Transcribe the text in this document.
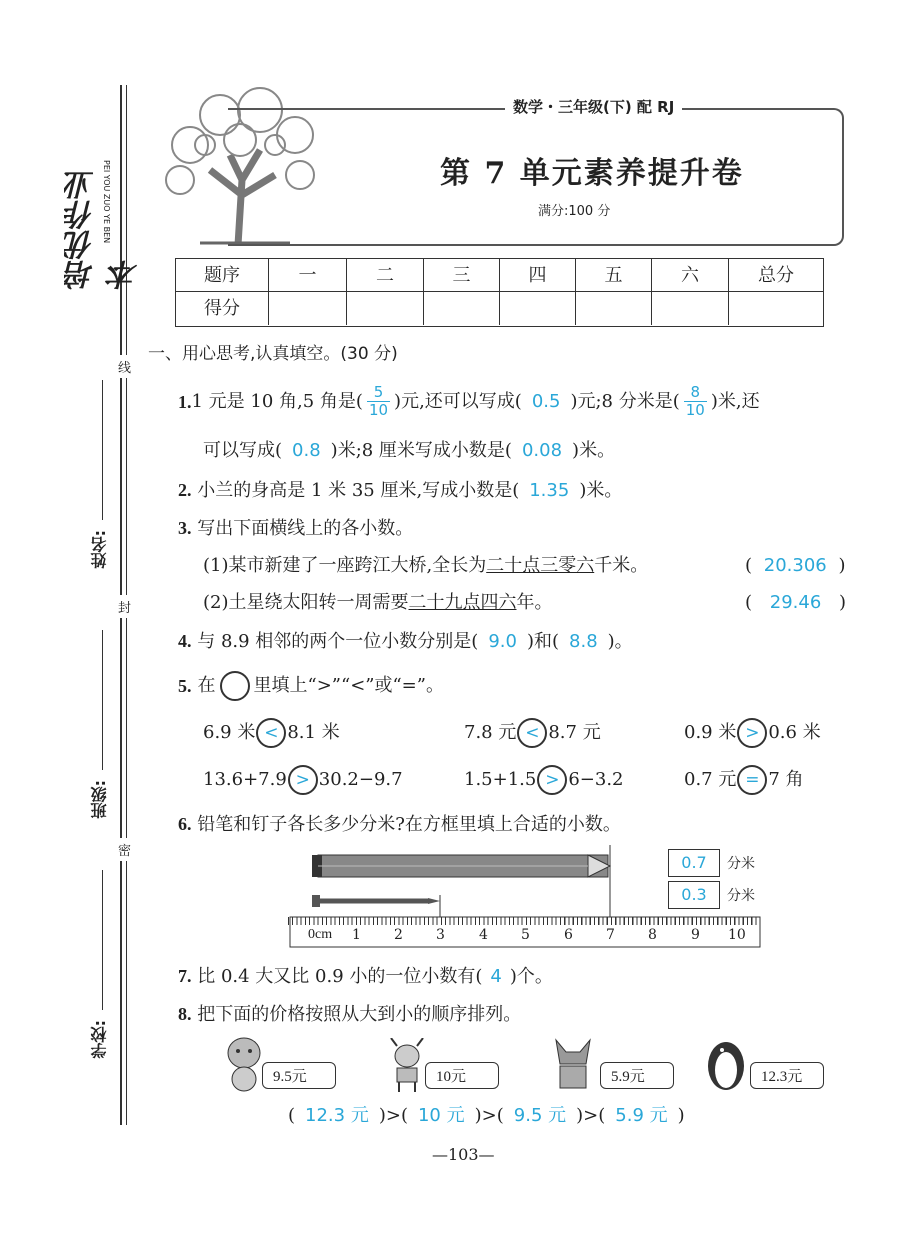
培优作业本
PEI YOU ZUO YE BEN
线
封
密
姓名:
班级:
学校:
数学・三年级(下) 配 RJ
第 7 单元素养提升卷
满分:100 分
题序	一	二	三	四	五	六	总分
得分
一、用心思考,认真填空。(30 分)
1. 1 元是 10 角,5 角是( $\frac{5}{10}$ )元,还可以写成( 0.5 )元;8 分米是( $\frac{8}{10}$ )米,还
可以写成( 0.8 )米;8 厘米写成小数是( 0.08 )米。
2. 小兰的身高是 1 米 35 厘米,写成小数是( 1.35 )米。
3. 写出下面横线上的各小数。
(1)某市新建了一座跨江大桥,全长为二十点三零六千米。	( 20.306 )
(2)土星绕太阳转一周需要二十九点四六年。	( 29.46 )
4. 与 8.9 相邻的两个一位小数分别是( 9.0 )和( 8.8 )。
5. 在 里填上“>”“<”或“=”。
6.9 米 < 8.1 米	7.8 元 < 8.7 元	0.9 米 > 0.6 米
13.6+7.9 > 30.2−9.7	1.5+1.5 > 6−3.2	0.7 元 = 7 角
6. 铅笔和钉子各长多少分米?在方框里填上合适的小数。
0cm 1 2 3 4 5 6 7 8 9 10
0.7	分米
0.3	分米
7. 比 0.4 大又比 0.9 小的一位小数有( 4 )个。
8. 把下面的价格按照从大到小的顺序排列。
9.5元	10元	5.9元	12.3元
( 12.3 元 )>( 10 元 )>( 9.5 元 )>( 5.9 元 )
—103—
